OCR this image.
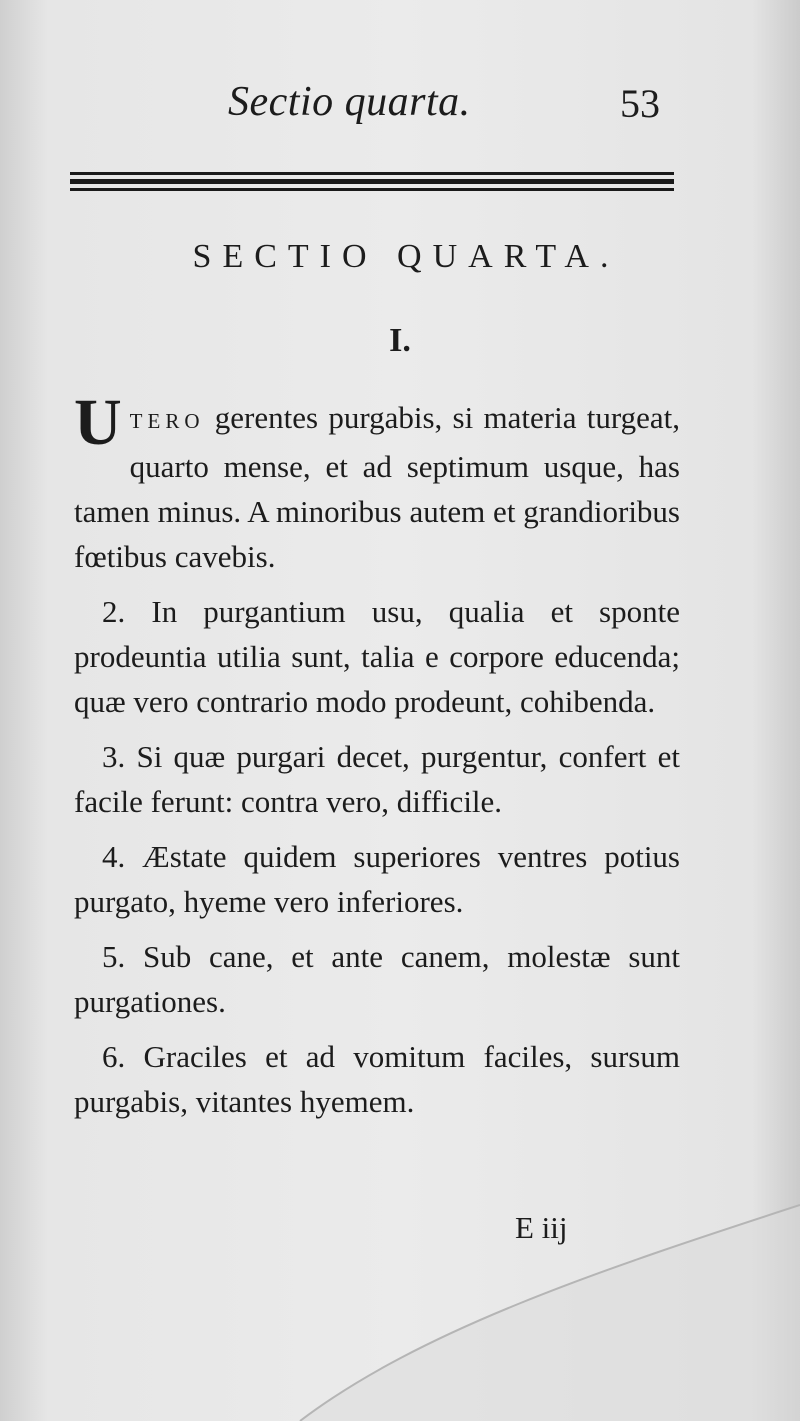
Sectio quarta.	53
SECTIO QUARTA.
I.

UTERO gerentes purgabis, si materia turgeat, quarto mense, et ad septimum usque, has tamen minus. A minoribus autem et grandioribus fœtibus cavebis.

2. In purgantium usu, qualia et sponte prodeuntia utilia sunt, talia e corpore educenda; quæ vero contrario modo prodeunt, cohibenda.

3. Si quæ purgari decet, purgentur, confert et facile ferunt: contra vero, difficile.

4. Æstate quidem superiores ventres potius purgato, hyeme vero inferiores.

5. Sub cane, et ante canem, molestæ sunt purgationes.

6. Graciles et ad vomitum faciles, sursum purgabis, vitantes hyemem.

E iij
